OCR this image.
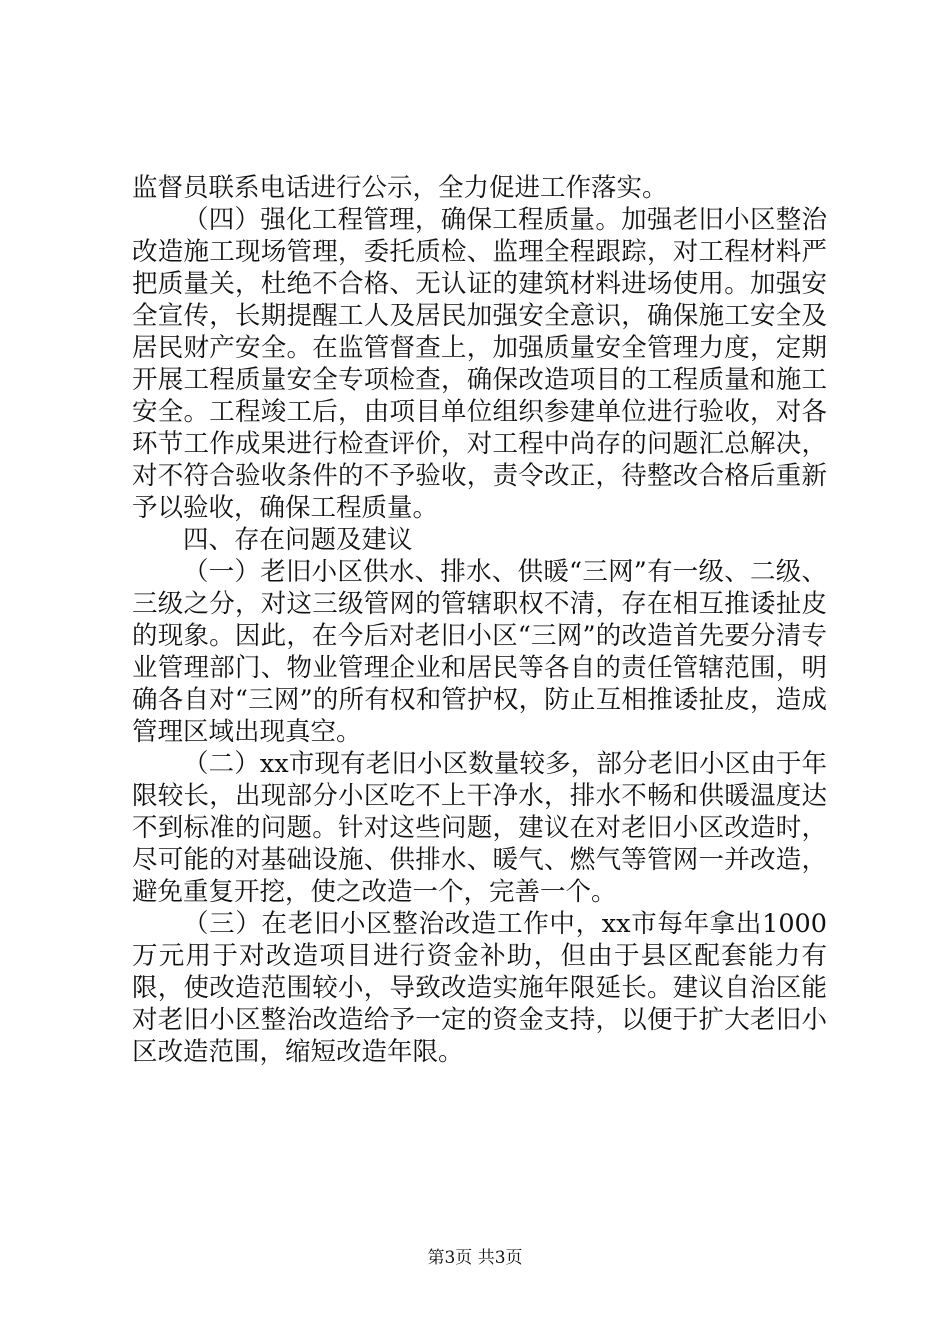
监督员联系电话进行公示，全力促进工作落实。

（四）强化工程管理，确保工程质量。加强老旧小区整治改造施工现场管理，委托质检、监理全程跟踪，对工程材料严把质量关，杜绝不合格、无认证的建筑材料进场使用。加强安全宣传，长期提醒工人及居民加强安全意识，确保施工安全及居民财产安全。在监管督查上，加强质量安全管理力度，定期开展工程质量安全专项检查，确保改造项目的工程质量和施工安全。工程竣工后，由项目单位组织参建单位进行验收，对各环节工作成果进行检查评价，对工程中尚存的问题汇总解决，对不符合验收条件的不予验收，责令改正，待整改合格后重新予以验收，确保工程质量。

四、存在问题及建议

（一）老旧小区供水、排水、供暖“三网”有一级、二级、三级之分，对这三级管网的管辖职权不清，存在相互推诿扯皮的现象。因此，在今后对老旧小区“三网”的改造首先要分清专业管理部门、物业管理企业和居民等各自的责任管辖范围，明确各自对“三网”的所有权和管护权，防止互相推诿扯皮，造成管理区域出现真空。

（二）xx市现有老旧小区数量较多，部分老旧小区由于年限较长，出现部分小区吃不上干净水，排水不畅和供暖温度达不到标准的问题。针对这些问题，建议在对老旧小区改造时，尽可能的对基础设施、供排水、暖气、燃气等管网一并改造，避免重复开挖，使之改造一个，完善一个。

（三）在老旧小区整治改造工作中，xx市每年拿出1000万元用于对改造项目进行资金补助，但由于县区配套能力有限，使改造范围较小，导致改造实施年限延长。建议自治区能对老旧小区整治改造给予一定的资金支持，以便于扩大老旧小区改造范围，缩短改造年限。

第3页 共3页
